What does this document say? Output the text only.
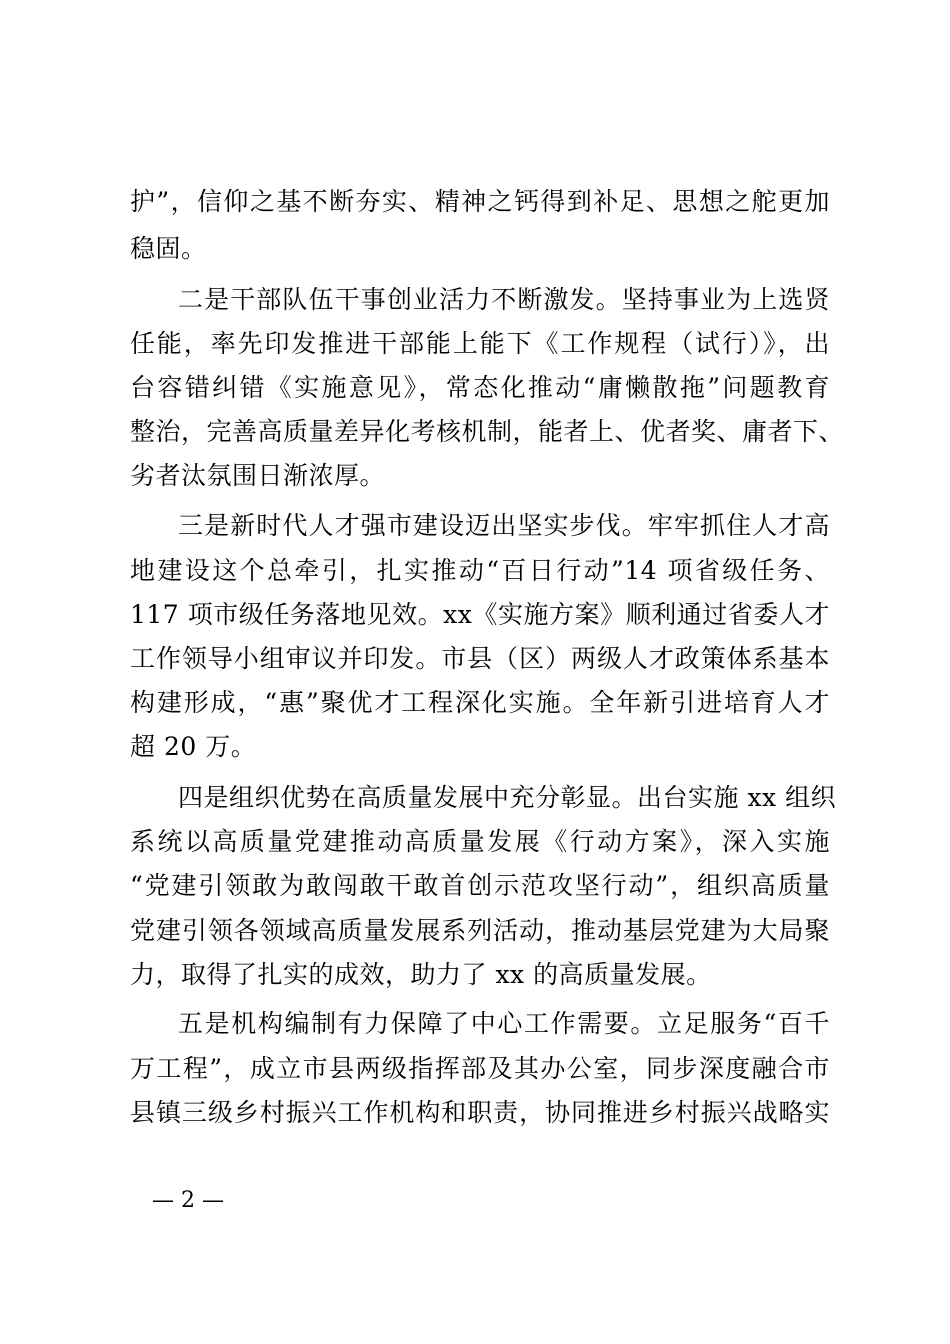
护”，信仰之基不断夯实、精神之钙得到补足、思想之舵更加
稳固。
二是干部队伍干事创业活力不断激发。坚持事业为上选贤
任能，率先印发推进干部能上能下《工作规程（试行）》，出
台容错纠错《实施意见》，常态化推动“庸懒散拖”问题教育
整治，完善高质量差异化考核机制，能者上、优者奖、庸者下、
劣者汰氛围日渐浓厚。
三是新时代人才强市建设迈出坚实步伐。牢牢抓住人才高
地建设这个总牵引，扎实推动“百日行动”14 项省级任务、
117 项市级任务落地见效。xx《实施方案》顺利通过省委人才
工作领导小组审议并印发。市县（区）两级人才政策体系基本
构建形成，“惠”聚优才工程深化实施。全年新引进培育人才
超 20 万。
四是组织优势在高质量发展中充分彰显。出台实施 xx 组织
系统以高质量党建推动高质量发展《行动方案》，深入实施
“党建引领敢为敢闯敢干敢首创示范攻坚行动”，组织高质量
党建引领各领域高质量发展系列活动，推动基层党建为大局聚
力，取得了扎实的成效，助力了 xx 的高质量发展。
五是机构编制有力保障了中心工作需要。立足服务“百千
万工程”，成立市县两级指挥部及其办公室，同步深度融合市
县镇三级乡村振兴工作机构和职责，协同推进乡村振兴战略实
— 2 —
